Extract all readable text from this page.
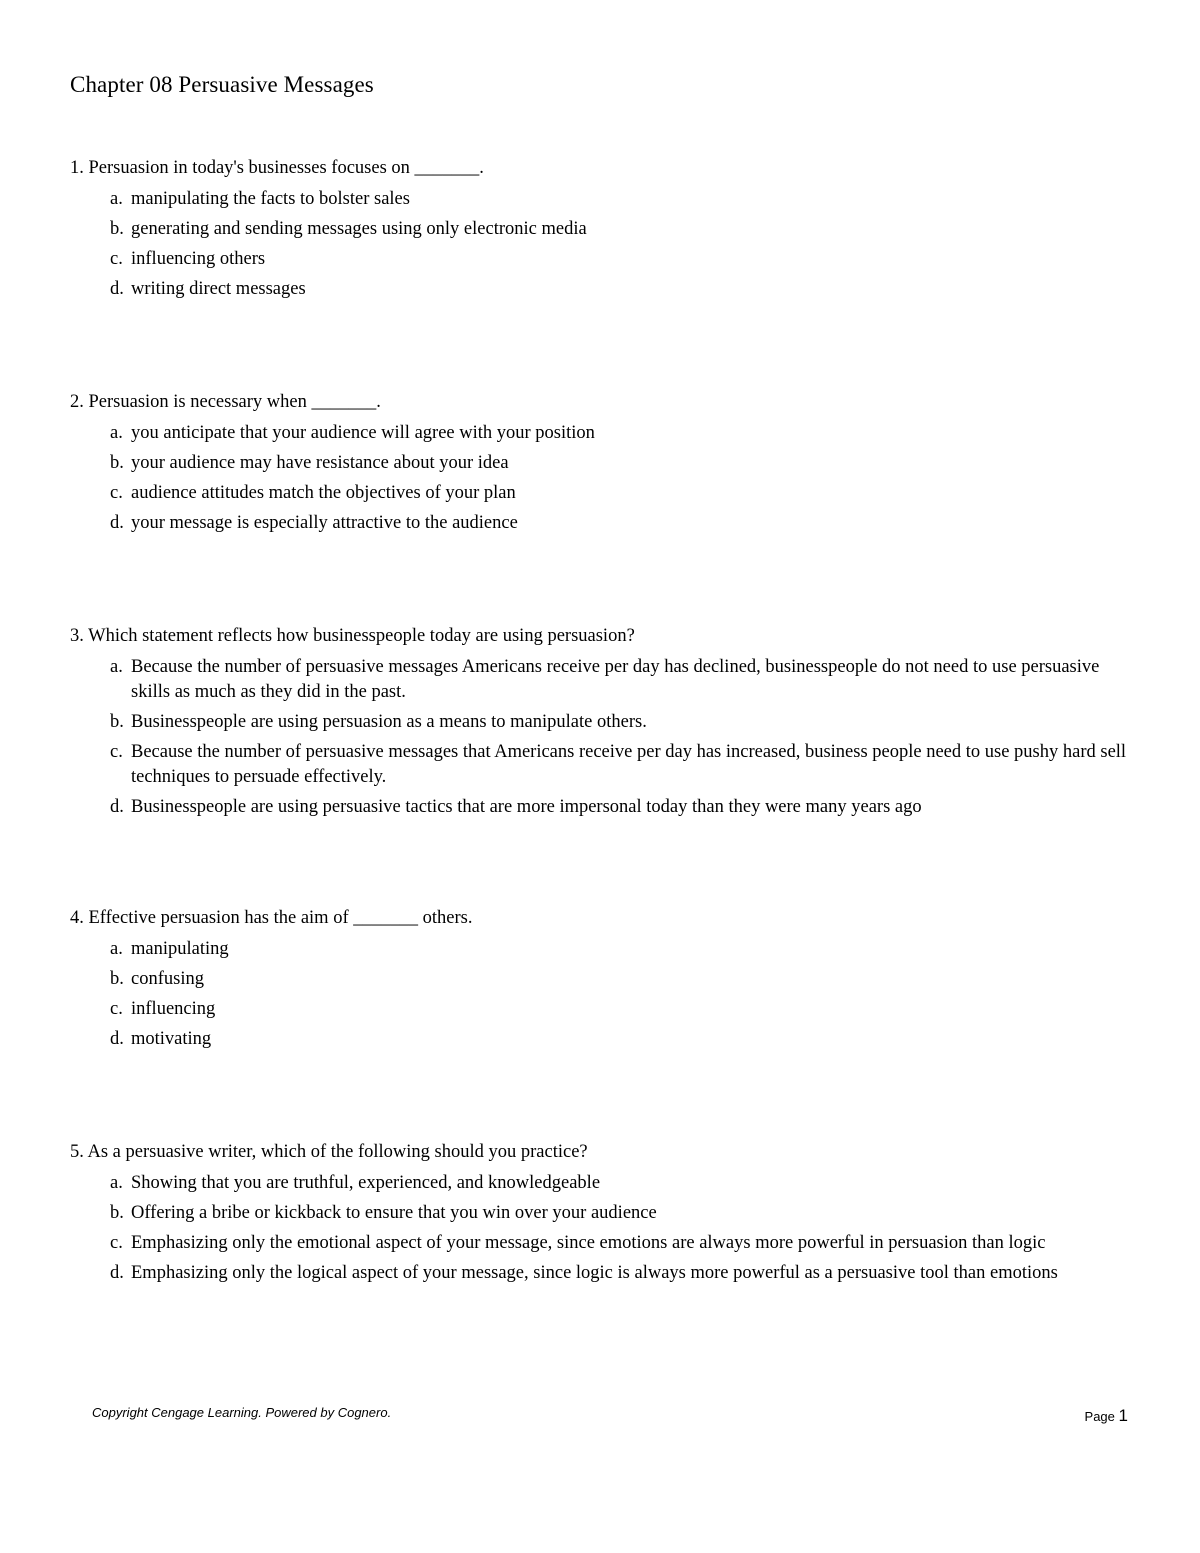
Chapter 08 Persuasive Messages
1. Persuasion in today's businesses focuses on _______.
a. manipulating the facts to bolster sales
b. generating and sending messages using only electronic media
c. influencing others
d. writing direct messages
2. Persuasion is necessary when _______.
a. you anticipate that your audience will agree with your position
b. your audience may have resistance about your idea
c. audience attitudes match the objectives of your plan
d. your message is especially attractive to the audience
3. Which statement reflects how businesspeople today are using persuasion?
a. Because the number of persuasive messages Americans receive per day has declined, businesspeople do not need to use persuasive skills as much as they did in the past.
b. Businesspeople are using persuasion as a means to manipulate others.
c. Because the number of persuasive messages that Americans receive per day has increased, business people need to use pushy hard sell techniques to persuade effectively.
d. Businesspeople are using persuasive tactics that are more impersonal today than they were many years ago
4. Effective persuasion has the aim of _______ others.
a. manipulating
b. confusing
c. influencing
d. motivating
5. As a persuasive writer, which of the following should you practice?
a. Showing that you are truthful, experienced, and knowledgeable
b. Offering a bribe or kickback to ensure that you win over your audience
c. Emphasizing only the emotional aspect of your message, since emotions are always more powerful in persuasion than logic
d. Emphasizing only the logical aspect of your message, since logic is always more powerful as a persuasive tool than emotions
Copyright Cengage Learning. Powered by Cognero.	Page 1
